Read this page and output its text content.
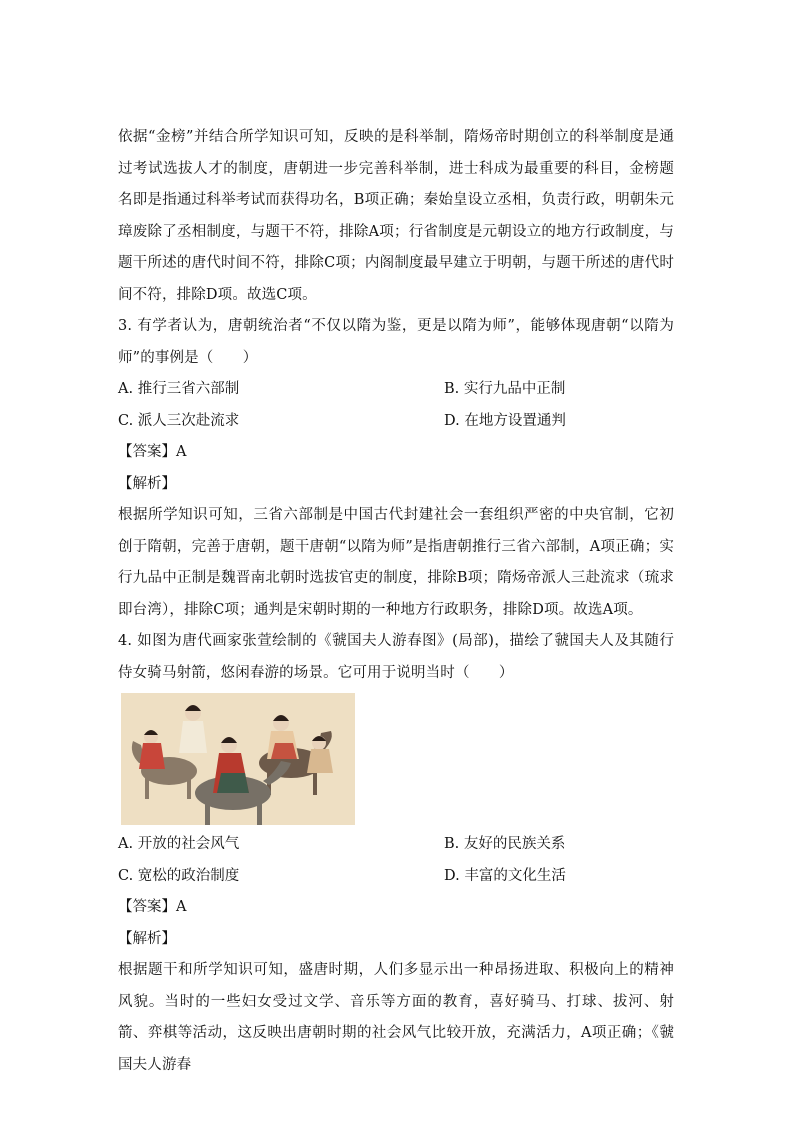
依据“金榜”并结合所学知识可知，反映的是科举制，隋炀帝时期创立的科举制度是通过考试选拔人才的制度，唐朝进一步完善科举制，进士科成为最重要的科目，金榜题名即是指通过科举考试而获得功名，B项正确；秦始皇设立丞相，负责行政，明朝朱元璋废除了丞相制度，与题干不符，排除A项；行省制度是元朝设立的地方行政制度，与题干所述的唐代时间不符，排除C项；内阁制度最早建立于明朝，与题干所述的唐代时间不符，排除D项。故选C项。

3. 有学者认为，唐朝统治者“不仅以隋为鉴，更是以隋为师”，能够体现唐朝“以隋为师”的事例是（　　）

A. 推行三省六部制	B. 实行九品中正制
C. 派人三次赴流求	D. 在地方设置通判

【答案】A

【解析】

根据所学知识可知，三省六部制是中国古代封建社会一套组织严密的中央官制，它初创于隋朝，完善于唐朝，题干唐朝“以隋为师”是指唐朝推行三省六部制，A项正确；实行九品中正制是魏晋南北朝时选拔官吏的制度，排除B项；隋炀帝派人三赴流求（琉求即台湾），排除C项；通判是宋朝时期的一种地方行政职务，排除D项。故选A项。

4. 如图为唐代画家张萱绘制的《虢国夫人游春图》(局部)，描绘了虢国夫人及其随行侍女骑马射箭，悠闲春游的场景。它可用于说明当时（　　）

A. 开放的社会风气	B. 友好的民族关系
C. 宽松的政治制度	D. 丰富的文化生活

【答案】A

【解析】

根据题干和所学知识可知，盛唐时期，人们多显示出一种昂扬进取、积极向上的精神风貌。当时的一些妇女受过文学、音乐等方面的教育，喜好骑马、打球、拔河、射箭、弈棋等活动，这反映出唐朝时期的社会风气比较开放，充满活力，A项正确；《虢国夫人游春
